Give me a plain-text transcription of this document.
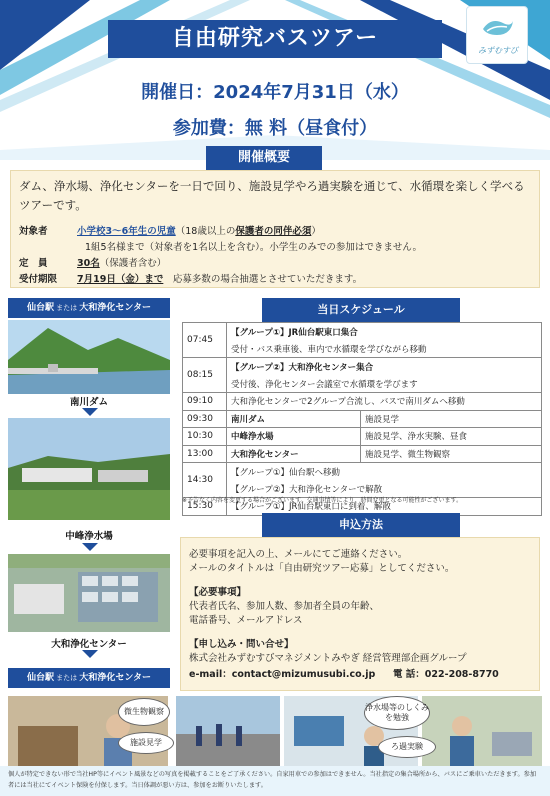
自由研究バスツアー	みずむすび
開催日：2024年7月31日（水）
参加費：無 料（昼食付）
開催概要
ダム、浄水場、浄化センターを一日で回り、施設見学やろ過実験を通じて、水循環を楽しく学べるツアーです。
対象者	小学校3～6年生の児童（18歳以上の保護者の同伴必須）
1組5名様まで（対象者を1名以上を含む）。小学生のみでの参加はできません。
定　員	30名（保護者含む）
受付期限 7月19日（金）まで　 応募多数の場合抽選とさせていただきます。
仙台駅 または 大和浄化センター
南川ダム
中峰浄水場
大和浄化センター
仙台駅 または 大和浄化センター
当日スケジュール
07:45	【グループ①】JR仙台駅東口集合	
	受付・バス乗車後、車内で水循環を学びながら移動	
08:15	【グループ②】大和浄化センター集合	
	受付後、浄化センター会議室で水循環を学びます	
09:10	大和浄化センターで2グループ合流し、バスで南川ダムへ移動	
09:30	南川ダム	施設見学
10:30	中峰浄水場	施設見学、浄水実験、昼食
13:00	大和浄化センター	施設見学、微生物観察
14:30	【グループ①】仙台駅へ移動	
	【グループ②】大和浄化センターで解散	
15:30	【グループ①】JR仙台駅東口に到着、解散	
※予告なく内容を変更する場合がございます。交通事情等により、時間変更となる可能性がございます。
申込方法
必要事項を記入の上、メールにてご連絡ください。
メールのタイトルは「自由研究ツアー応募」としてください。
【必要事項】
代表者氏名、参加人数、参加者全員の年齢、
電話番号、メールアドレス
【申し込み・問い合せ】
株式会社みずむすびマネジメントみやぎ 経営管理部企画グループ
e-mail：contact@mizumusubi.co.jp 電 話：022-208-8770
微生物観察
施設見学
浄水場等のしくみを勉強
ろ過実験
個人が特定できない形で当社HP等にイベント風景などの写真を掲載することをご了承ください。自家用車での参加はできません。当社指定の集合場所から、バスにご乗車いただきます。参加者には当社にてイベント保険を付保します。当日体調が悪い方は、参加をお断りいたします。
